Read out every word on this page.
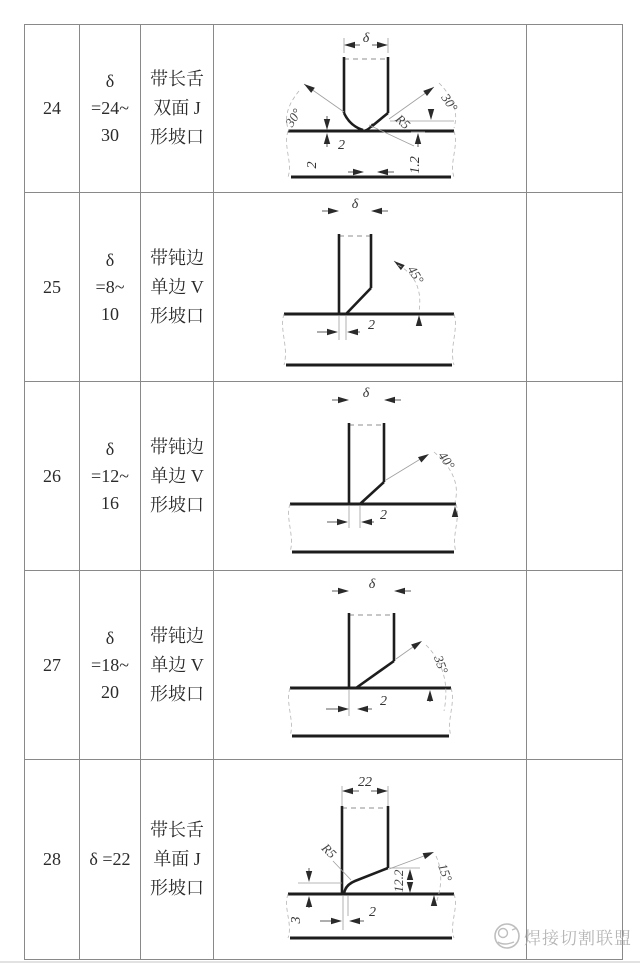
24
δ
=24~
30
带长舌
双面 J
形坡口
δ
30°
30°
R5
2
2	1.2
25
δ
=8~
10
带钝边
单边 V
形坡口
δ
45°
2
26
δ
=12~
16
带钝边
单边 V
形坡口
δ
40°
2
27
δ
=18~
20
带钝边
单边 V
形坡口
δ
35°
2
28 δ =22
带长舌
单面 J
形坡口
22
R5
12.2 15°
3	2
焊接切割联盟
